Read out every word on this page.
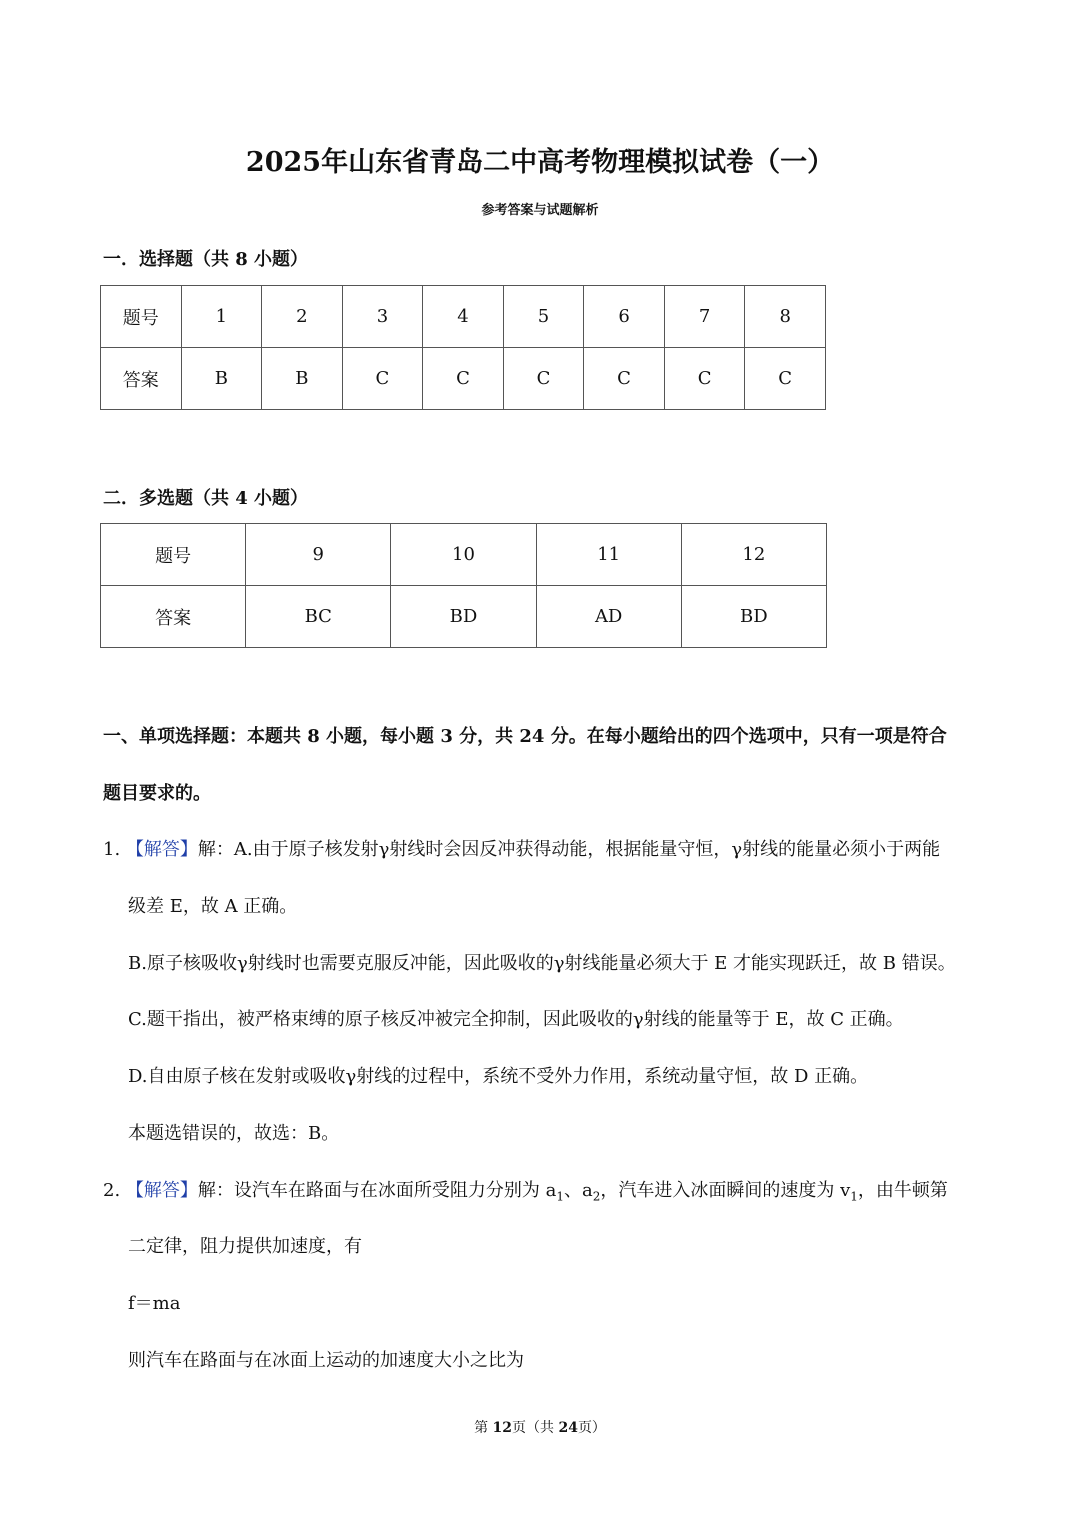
2025年山东省青岛二中高考物理模拟试卷（一）
参考答案与试题解析
一．选择题（共 8 小题）
题号	1	2	3	4	5	6	7	8
答案	B	B	C	C	C	C	C	C
二．多选题（共 4 小题）
题号	9	10	11	12
答案	BC	BD	AD	BD
一、单项选择题：本题共 8 小题，每小题 3 分，共 24 分。在每小题给出的四个选项中，只有一项是符合
题目要求的。
1. 【解答】解：A.由于原子核发射γ射线时会因反冲获得动能，根据能量守恒，γ射线的能量必须小于两能
级差 E，故 A 正确。
B.原子核吸收γ射线时也需要克服反冲能，因此吸收的γ射线能量必须大于 E 才能实现跃迁，故 B 错误。
C.题干指出，被严格束缚的原子核反冲被完全抑制，因此吸收的γ射线的能量等于 E，故 C 正确。
D.自由原子核在发射或吸收γ射线的过程中，系统不受外力作用，系统动量守恒，故 D 正确。
本题选错误的，故选：B。
2. 【解答】解：设汽车在路面与在冰面所受阻力分别为 $a_1$、$a_2$，汽车进入冰面瞬间的速度为 $v_1$，由牛顿第
二定律，阻力提供加速度，有
f＝ma
则汽车在路面与在冰面上运动的加速度大小之比为
第 12页（共 24页）
